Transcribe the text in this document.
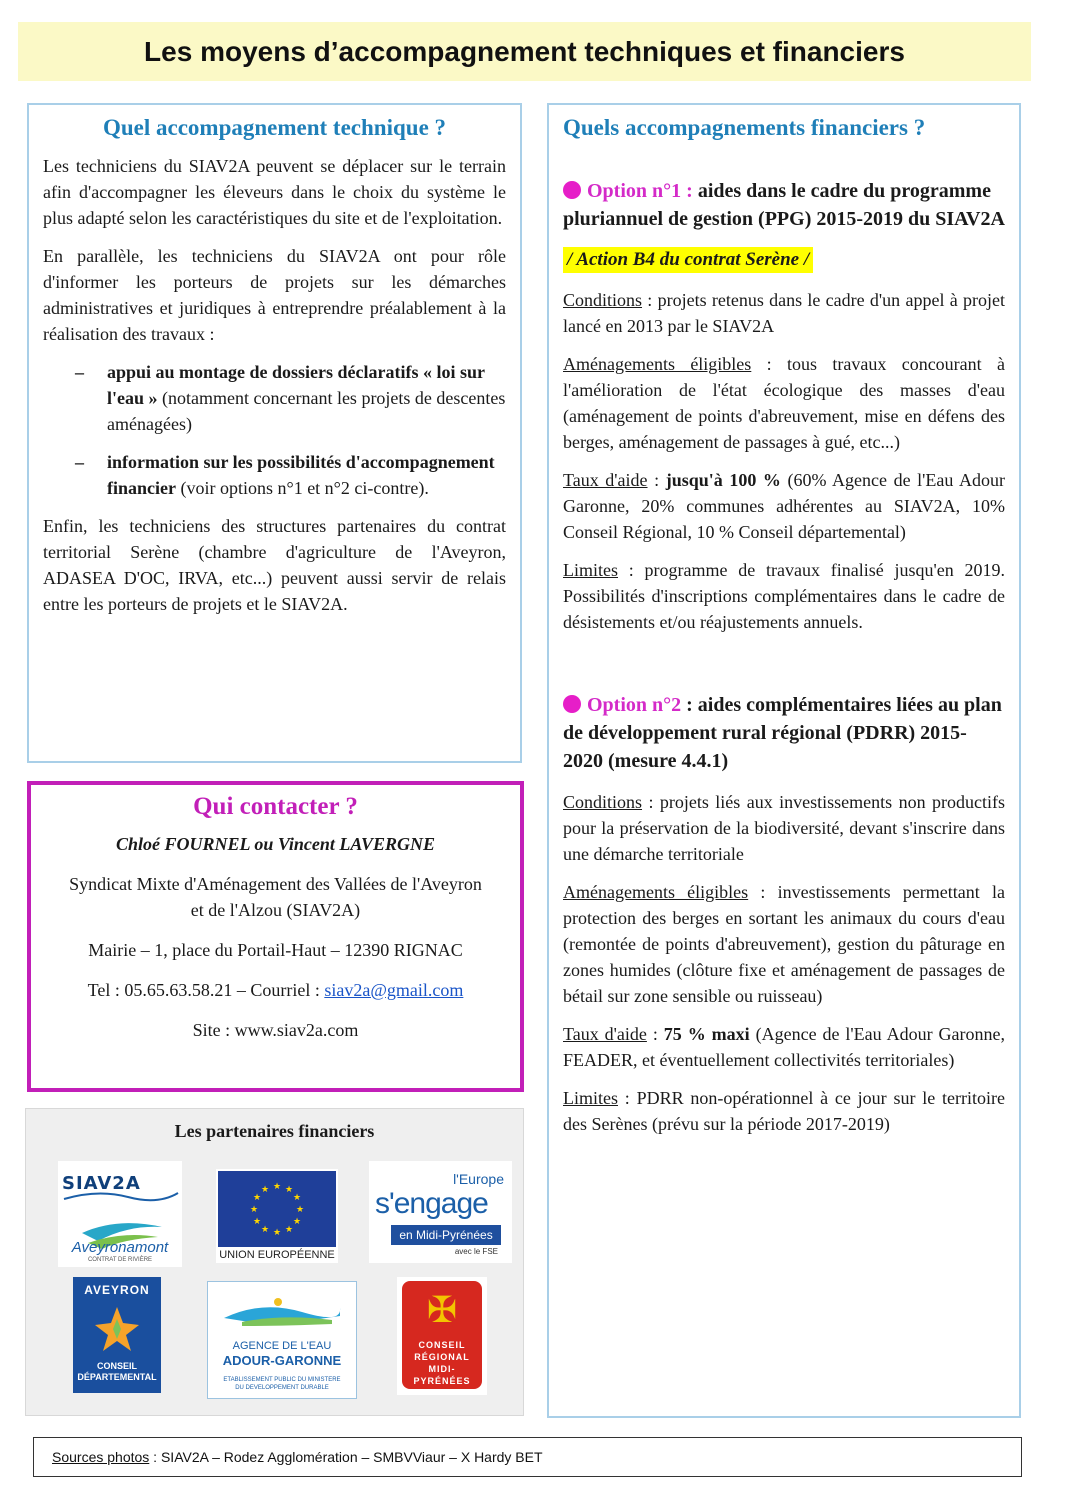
Les moyens d’accompagnement techniques et financiers
Quel accompagnement technique ?

Les techniciens du SIAV2A peuvent se déplacer sur le terrain afin d'accompagner les éleveurs dans le choix du système le plus adapté selon les caractéristiques du site et de l'exploitation.

En parallèle, les techniciens du SIAV2A ont pour rôle d'informer les porteurs de projets sur les démarches administratives et juridiques à entreprendre préalablement à la réalisation des travaux :

– appui au montage de dossiers déclaratifs « loi sur l'eau » (notamment concernant les projets de descentes aménagées)
– information sur les possibilités d'accompagnement financier (voir options n°1 et n°2 ci-contre).

Enfin, les techniciens des structures partenaires du contrat territorial Serène (chambre d'agriculture de l'Aveyron, ADASEA D'OC, IRVA, etc...) peuvent aussi servir de relais entre les porteurs de projets et le SIAV2A.

Quels accompagnements financiers ?
Option n°1 : aides dans le cadre du programme pluriannuel de gestion (PPG) 2015-2019 du SIAV2A
/ Action B4 du contrat Serène /

Conditions : projets retenus dans le cadre d'un appel à projet lancé en 2013 par le SIAV2A

Aménagements éligibles : tous travaux concourant à l'amélioration de l'état écologique des masses d'eau (aménagement de points d'abreuvement, mise en défens des berges, aménagement de passages à gué, etc...)

Taux d'aide : jusqu'à 100 % (60% Agence de l'Eau Adour Garonne, 20% communes adhérentes au SIAV2A, 10% Conseil Régional, 10 % Conseil départemental)

Limites : programme de travaux finalisé jusqu'en 2019. Possibilités d'inscriptions complémentaires dans le cadre de désistements et/ou réajustements annuels.

Option n°2 : aides complémentaires liées au plan de développement rural régional (PDRR) 2015-2020 (mesure 4.4.1)

Conditions : projets liés aux investissements non productifs pour la préservation de la biodiversité, devant s'inscrire dans une démarche territoriale

Aménagements éligibles : investissements permettant la protection des berges en sortant les animaux du cours d'eau (remontée de points d'abreuvement), gestion du pâturage en zones humides (clôture fixe et aménagement de passages de bétail sur zone sensible ou ruisseau)

Taux d'aide : 75 % maxi (Agence de l'Eau Adour Garonne, FEADER, et éventuellement collectivités territoriales)

Limites : PDRR non-opérationnel à ce jour sur le territoire des Serènes (prévu sur la période 2017-2019)

Qui contacter ?

Chloé FOURNEL ou Vincent LAVERGNE

Syndicat Mixte d'Aménagement des Vallées de l'Aveyron et de l'Alzou (SIAV2A)

Mairie – 1, place du Portail-Haut – 12390 RIGNAC

Tel : 05.65.63.58.21 – Courriel : siav2a@gmail.com

Site : www.siav2a.com

Les partenaires financiers
SIAV2A
Aveyronamont
CONTRAT DE RIVIÈRE
★ ★
★
★
★
★
★
★
★
★
★
★
UNION EUROPÉENNE
l'Europe
s'engage
en Midi-Pyrénées
avec le FSE
AVEYRON
CONSEIL
DÉPARTEMENTAL
AGENCE DE L'EAU
ADOUR-GARONNE
ETABLISSEMENT PUBLIC DU MINISTERE
DU DEVELOPPEMENT DURABLE
✠
CONSEIL
RÉGIONAL
MIDI-PYRÉNÉES
Sources photos : SIAV2A – Rodez Agglomération – SMBVViaur – X Hardy BET
